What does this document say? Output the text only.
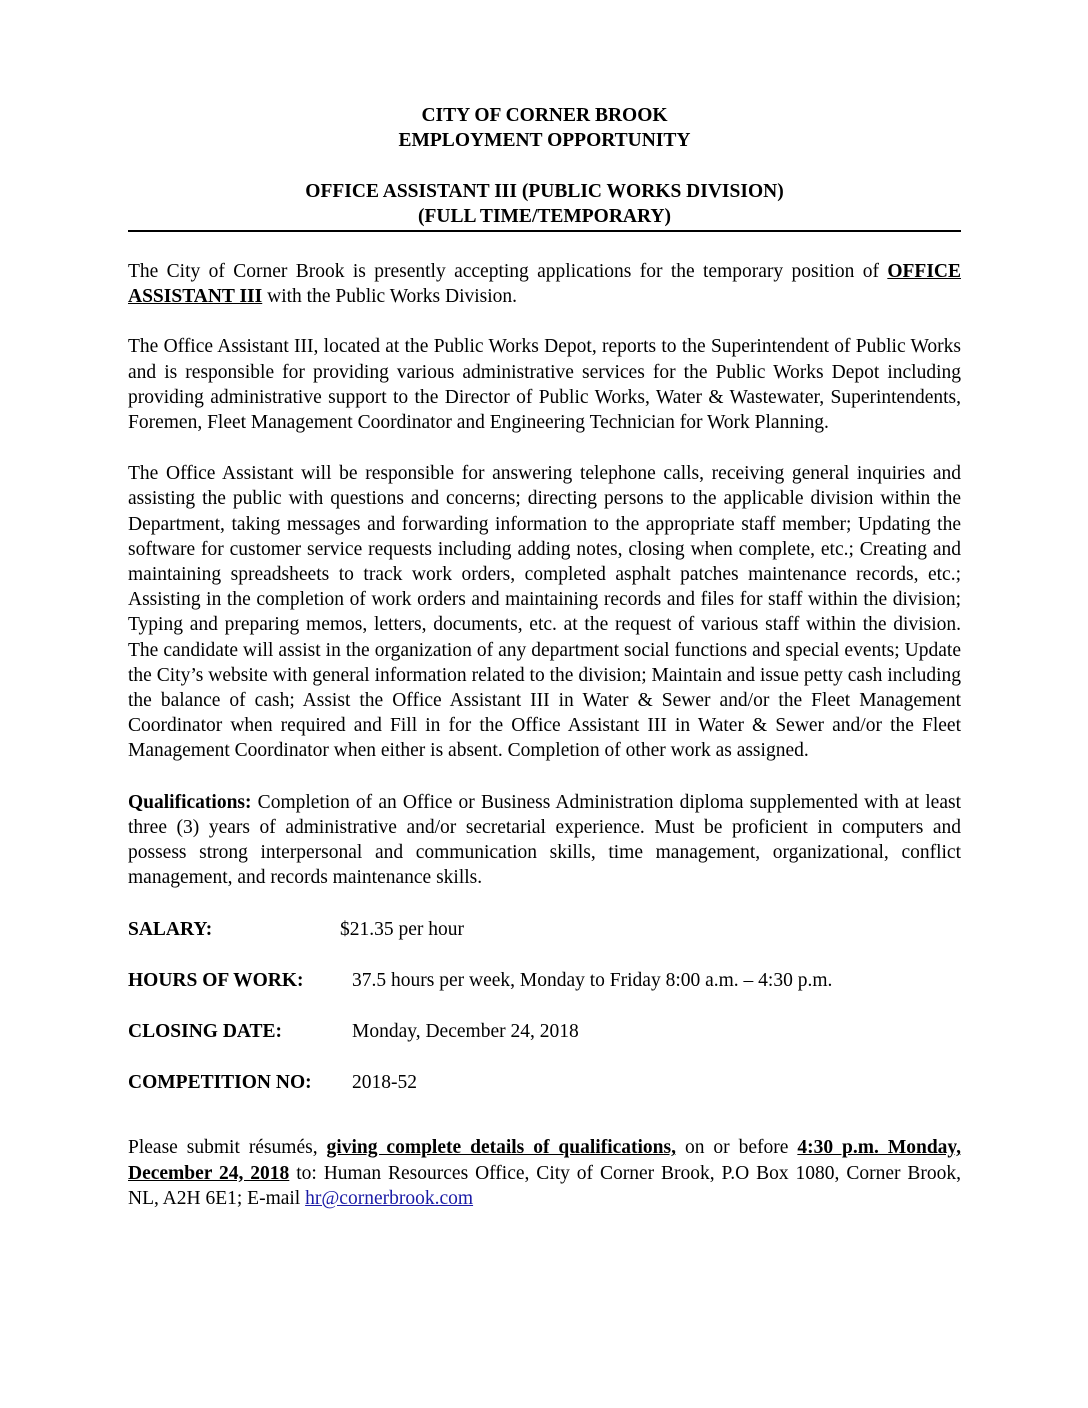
CITY OF CORNER BROOK
EMPLOYMENT OPPORTUNITY
OFFICE ASSISTANT III (PUBLIC WORKS DIVISION)
(FULL TIME/TEMPORARY)

The City of Corner Brook is presently accepting applications for the temporary position of OFFICE ASSISTANT III with the Public Works Division.

The Office Assistant III, located at the Public Works Depot, reports to the Superintendent of Public Works and is responsible for providing various administrative services for the Public Works Depot including providing administrative support to the Director of Public Works, Water & Wastewater, Superintendents, Foremen, Fleet Management Coordinator and Engineering Technician for Work Planning.

The Office Assistant will be responsible for answering telephone calls, receiving general inquiries and assisting the public with questions and concerns; directing persons to the applicable division within the Department, taking messages and forwarding information to the appropriate staff member; Updating the software for customer service requests including adding notes, closing when complete, etc.; Creating and maintaining spreadsheets to track work orders, completed asphalt patches maintenance records, etc.; Assisting in the completion of work orders and maintaining records and files for staff within the division; Typing and preparing memos, letters, documents, etc. at the request of various staff within the division. The candidate will assist in the organization of any department social functions and special events; Update the City’s website with general information related to the division; Maintain and issue petty cash including the balance of cash; Assist the Office Assistant III in Water & Sewer and/or the Fleet Management Coordinator when required and Fill in for the Office Assistant III in Water & Sewer and/or the Fleet Management Coordinator when either is absent. Completion of other work as assigned.

Qualifications: Completion of an Office or Business Administration diploma supplemented with at least three (3) years of administrative and/or secretarial experience. Must be proficient in computers and possess strong interpersonal and communication skills, time management, organizational, conflict management, and records maintenance skills.

SALARY:	$21.35 per hour
HOURS OF WORK:	37.5 hours per week, Monday to Friday 8:00 a.m. – 4:30 p.m.
CLOSING DATE:	Monday, December 24, 2018
COMPETITION NO:	2018-52

Please submit résumés, giving complete details of qualifications, on or before 4:30 p.m. Monday, December 24, 2018 to: Human Resources Office, City of Corner Brook, P.O Box 1080, Corner Brook, NL, A2H 6E1; E-mail hr@cornerbrook.com
